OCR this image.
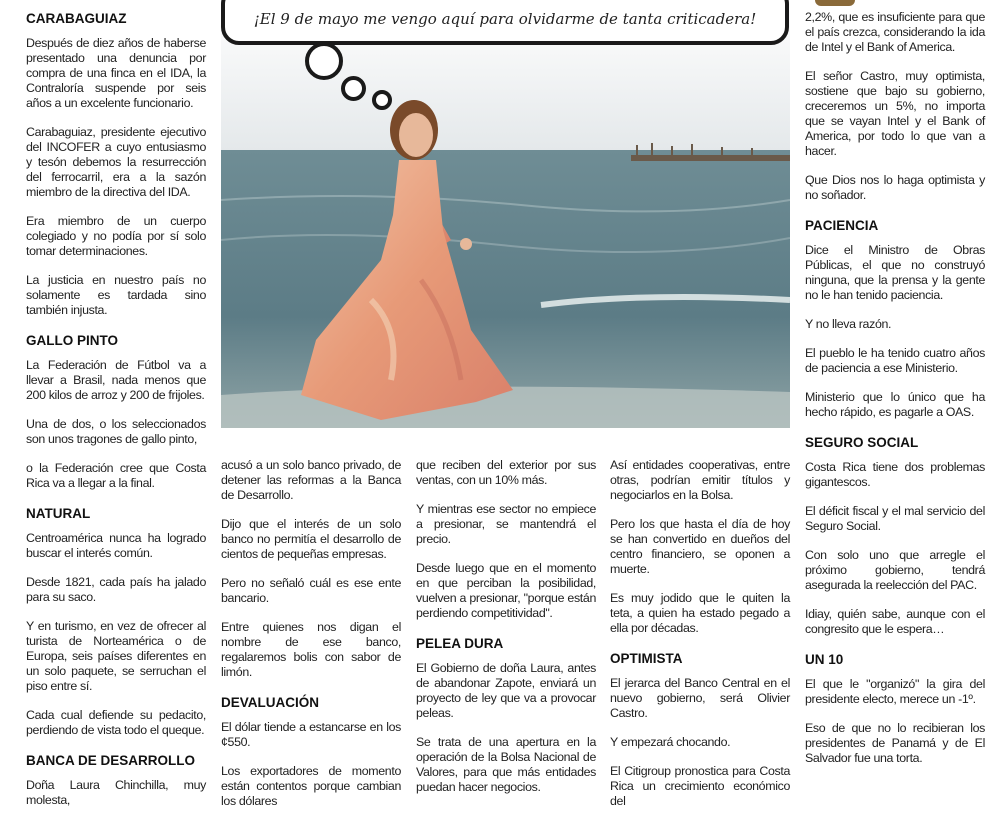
CARABAGUIAZ

Después de diez años de haberse presentado una denuncia por compra de una finca en el IDA, la Contraloría suspende por seis años a un excelente funcionario.

Carabaguiaz, presidente ejecutivo del INCOFER a cuyo entusiasmo y tesón debemos la resurrección del ferrocarril, era a la sazón miembro de la directiva del IDA.

Era miembro de un cuerpo colegiado y no podía por sí solo tomar determinaciones.

La justicia en nuestro país no solamente es tardada sino también injusta.

GALLO PINTO

La Federación de Fútbol va a llevar a Brasil, nada menos que 200 kilos de arroz y 200 de frijoles.

Una de dos, o los seleccionados son unos tragones de gallo pinto,

o la Federación cree que Costa Rica va a llegar a la final.

NATURAL

Centroamérica nunca ha logrado buscar el interés común.

Desde 1821, cada país ha jalado para su saco.

Y en turismo, en vez de ofrecer al turista de Norteamérica o de Europa, seis países diferentes en un solo paquete, se serruchan el piso entre sí.

Cada cual defiende su pedacito, perdiendo de vista todo el queque.

BANCA DE DESARROLLO

Doña Laura Chinchilla, muy molesta,

¡El 9 de mayo me vengo aquí para olvidarme de tanta criticadera!

acusó a un solo banco privado, de detener las reformas a la Banca de Desarrollo.

Dijo que el interés de un solo banco no permitía el desarrollo de cientos de pequeñas empresas.

Pero no señaló cuál es ese ente bancario.

Entre quienes nos digan el nombre de ese banco, regalaremos bolis con sabor de limón.

DEVALUACIÓN

El dólar tiende a estancarse en los ¢550.

Los exportadores de momento están contentos porque cambian los dólares

que reciben del exterior por sus ventas, con un 10% más.

Y mientras ese sector no empiece a presionar, se mantendrá el precio.

Desde luego que en el momento en que perciban la posibilidad, vuelven a presionar, "porque están perdiendo competitividad".

PELEA DURA

El Gobierno de doña Laura, antes de abandonar Zapote, enviará un proyecto de ley que va a provocar peleas.

Se trata de una apertura en la operación de la Bolsa Nacional de Valores, para que más entidades puedan hacer negocios.

Así entidades cooperativas, entre otras, podrían emitir títulos y negociarlos en la Bolsa.

Pero los que hasta el día de hoy se han convertido en dueños del centro financiero, se oponen a muerte.

Es muy jodido que le quiten la teta, a quien ha estado pegado a ella por décadas.

OPTIMISTA

El jerarca del Banco Central en el nuevo gobierno, será Olivier Castro.

Y empezará chocando.

El Citigroup pronostica para Costa Rica un crecimiento económico del

2,2%, que es insuficiente para que el país crezca, considerando la ida de Intel y el Bank of America.

El señor Castro, muy optimista, sostiene que bajo su gobierno, creceremos un 5%, no importa que se vayan Intel y el Bank of America, por todo lo que van a hacer.

Que Dios nos lo haga optimista y no soñador.

PACIENCIA

Dice el Ministro de Obras Públicas, el que no construyó ninguna, que la prensa y la gente no le han tenido paciencia.

Y no lleva razón.

El pueblo le ha tenido cuatro años de paciencia a ese Ministerio.

Ministerio que lo único que ha hecho rápido, es pagarle a OAS.

SEGURO SOCIAL

Costa Rica tiene dos problemas gigantescos.

El déficit fiscal y el mal servicio del Seguro Social.

Con solo uno que arregle el próximo gobierno, tendrá asegurada la reelección del PAC.

Idiay, quién sabe, aunque con el congresito que le espera…

UN 10

El que le "organizó" la gira del presidente electo, merece un -1º.

Eso de que no lo recibieran los presidentes de Panamá y de El Salvador fue una torta.
